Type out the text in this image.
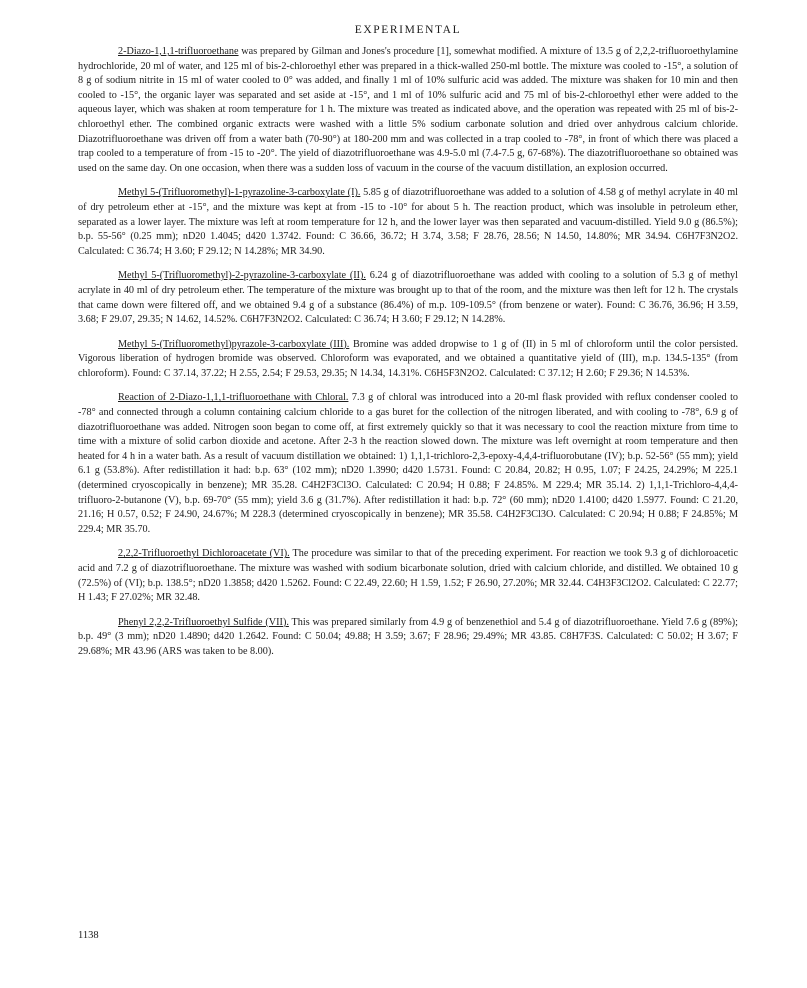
EXPERIMENTAL

2-Diazo-1,1,1-trifluoroethane was prepared by Gilman and Jones's procedure [1], somewhat modified. A mixture of 13.5 g of 2,2,2-trifluoroethylamine hydrochloride, 20 ml of water, and 125 ml of bis-2-chloroethyl ether was prepared in a thick-walled 250-ml bottle. The mixture was cooled to -15°, a solution of 8 g of sodium nitrite in 15 ml of water cooled to 0° was added, and finally 1 ml of 10% sulfuric acid was added. The mixture was shaken for 10 min and then cooled to -15°, the organic layer was separated and set aside at -15°, and 1 ml of 10% sulfuric acid and 75 ml of bis-2-chloroethyl ether were added to the aqueous layer, which was shaken at room temperature for 1 h. The mixture was treated as indicated above, and the operation was repeated with 25 ml of bis-2-chloroethyl ether. The combined organic extracts were washed with a little 5% sodium carbonate solution and dried over anhydrous calcium chloride. Diazotrifluoroethane was driven off from a water bath (70-90°) at 180-200 mm and was collected in a trap cooled to -78°, in front of which there was placed a trap cooled to a temperature of from -15 to -20°. The yield of diazotrifluoroethane was 4.9-5.0 ml (7.4-7.5 g, 67-68%). The diazotrifluoroethane so obtained was used on the same day. On one occasion, when there was a sudden loss of vacuum in the course of the vacuum distillation, an explosion occurred.

Methyl 5-(Trifluoromethyl)-1-pyrazoline-3-carboxylate (I). 5.85 g of diazotrifluoroethane was added to a solution of 4.58 g of methyl acrylate in 40 ml of dry petroleum ether at -15°, and the mixture was kept at from -15 to -10° for about 5 h. The reaction product, which was insoluble in petroleum ether, separated as a lower layer. The mixture was left at room temperature for 12 h, and the lower layer was then separated and vacuum-distilled. Yield 9.0 g (86.5%); b.p. 55-56° (0.25 mm); nD20 1.4045; d420 1.3742. Found: C 36.66, 36.72; H 3.74, 3.58; F 28.76, 28.56; N 14.50, 14.80%; MR 34.94. C6H7F3N2O2. Calculated: C 36.74; H 3.60; F 29.12; N 14.28%; MR 34.90.

Methyl 5-(Trifluoromethyl)-2-pyrazoline-3-carboxylate (II). 6.24 g of diazotrifluoroethane was added with cooling to a solution of 5.3 g of methyl acrylate in 40 ml of dry petroleum ether. The temperature of the mixture was brought up to that of the room, and the mixture was then left for 12 h. The crystals that came down were filtered off, and we obtained 9.4 g of a substance (86.4%) of m.p. 109-109.5° (from benzene or water). Found: C 36.76, 36.96; H 3.59, 3.68; F 29.07, 29.35; N 14.62, 14.52%. C6H7F3N2O2. Calculated: C 36.74; H 3.60; F 29.12; N 14.28%.

Methyl 5-(Trifluoromethyl)pyrazole-3-carboxylate (III). Bromine was added dropwise to 1 g of (II) in 5 ml of chloroform until the color persisted. Vigorous liberation of hydrogen bromide was observed. Chloroform was evaporated, and we obtained a quantitative yield of (III), m.p. 134.5-135° (from chloroform). Found: C 37.14, 37.22; H 2.55, 2.54; F 29.53, 29.35; N 14.34, 14.31%. C6H5F3N2O2. Calculated: C 37.12; H 2.60; F 29.36; N 14.53%.

Reaction of 2-Diazo-1,1,1-trifluoroethane with Chloral. 7.3 g of chloral was introduced into a 20-ml flask provided with reflux condenser cooled to -78° and connected through a column containing calcium chloride to a gas buret for the collection of the nitrogen liberated, and with cooling to -78°, 6.9 g of diazotrifluoroethane was added. Nitrogen soon began to come off, at first extremely quickly so that it was necessary to cool the reaction mixture from time to time with a mixture of solid carbon dioxide and acetone. After 2-3 h the reaction slowed down. The mixture was left overnight at room temperature and then heated for 4 h in a water bath. As a result of vacuum distillation we obtained: 1) 1,1,1-trichloro-2,3-epoxy-4,4,4-trifluorobutane (IV); b.p. 52-56° (55 mm); yield 6.1 g (53.8%). After redistillation it had: b.p. 63° (102 mm); nD20 1.3990; d420 1.5731. Found: C 20.84, 20.82; H 0.95, 1.07; F 24.25, 24.29%; M 225.1 (determined cryoscopically in benzene); MR 35.28. C4H2F3Cl3O. Calculated: C 20.94; H 0.88; F 24.85%. M 229.4; MR 35.14. 2) 1,1,1-Trichloro-4,4,4-trifluoro-2-butanone (V), b.p. 69-70° (55 mm); yield 3.6 g (31.7%). After redistillation it had: b.p. 72° (60 mm); nD20 1.4100; d420 1.5977. Found: C 21.20, 21.16; H 0.57, 0.52; F 24.90, 24.67%; M 228.3 (determined cryoscopically in benzene); MR 35.58. C4H2F3Cl3O. Calculated: C 20.94; H 0.88; F 24.85%; M 229.4; MR 35.70.

2,2,2-Trifluoroethyl Dichloroacetate (VI). The procedure was similar to that of the preceding experiment. For reaction we took 9.3 g of dichloroacetic acid and 7.2 g of diazotrifluoroethane. The mixture was washed with sodium bicarbonate solution, dried with calcium chloride, and distilled. We obtained 10 g (72.5%) of (VI); b.p. 138.5°; nD20 1.3858; d420 1.5262. Found: C 22.49, 22.60; H 1.59, 1.52; F 26.90, 27.20%; MR 32.44. C4H3F3Cl2O2. Calculated: C 22.77; H 1.43; F 27.02%; MR 32.48.

Phenyl 2,2,2-Trifluoroethyl Sulfide (VII). This was prepared similarly from 4.9 g of benzenethiol and 5.4 g of diazotrifluoroethane. Yield 7.6 g (89%); b.p. 49° (3 mm); nD20 1.4890; d420 1.2642. Found: C 50.04; 49.88; H 3.59; 3.67; F 28.96; 29.49%; MR 43.85. C8H7F3S. Calculated: C 50.02; H 3.67; F 29.68%; MR 43.96 (ARS was taken to be 8.00).

1138
